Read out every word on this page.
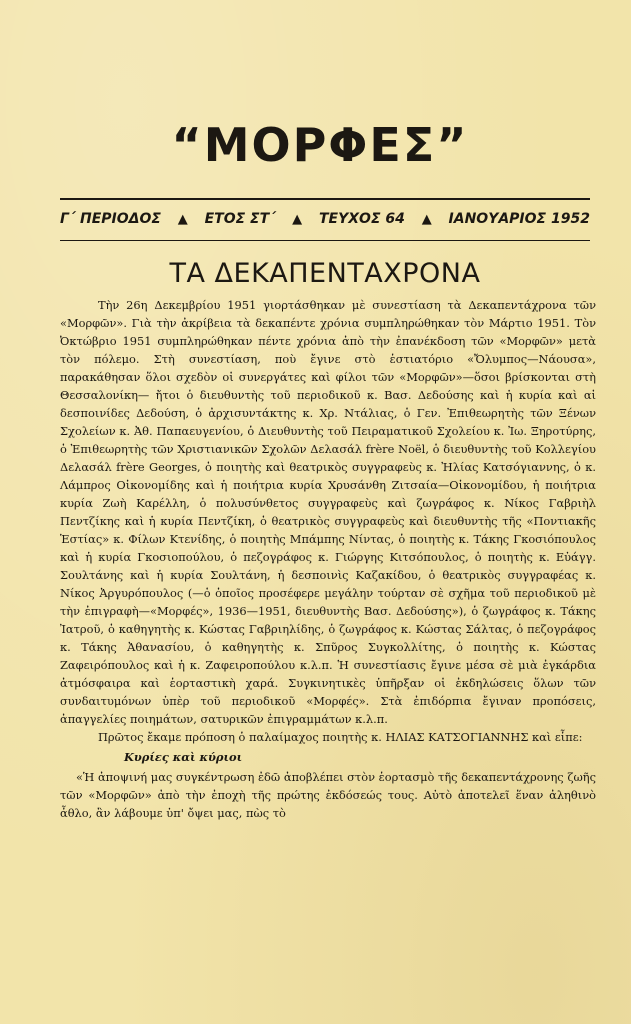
“ΜΟΡΦΕΣ”
Γ΄ ΠΕΡΙΟΔΟΣ ▲ ΕΤΟΣ ΣΤ΄ ▲ ΤΕΥΧΟΣ 64 ▲ ΙΑΝΟΥΑΡΙΟΣ 1952
ΤΑ ΔΕΚΑΠΕΝΤΑΧΡΟΝΑ

Τὴν 26η Δεκεμβρίου 1951 γιορτάσθηκαν μὲ συνεστίαση τὰ Δεκαπεντάχρονα τῶν «Μορφῶν». Γιὰ τὴν ἀκρίβεια τὰ δεκαπέντε χρόνια συμπληρώθηκαν τὸν Μάρτιο 1951. Τὸν Ὀκτώβριο 1951 συμπληρώθηκαν πέντε χρόνια ἀπὸ τὴν ἐπανέκδοση τῶν «Μορφῶν» μετὰ τὸν πόλεμο. Στὴ συνεστίαση, ποὺ ἔγινε στὸ ἑστιατόριο «Ὄλυμπος—Νάουσα», παρακάθησαν ὅλοι σχεδὸν οἱ συνεργάτες καὶ φίλοι τῶν «Μορφῶν»—ὅσοι βρίσκονται στὴ Θεσσαλονίκη— ἤτοι ὁ διευθυντὴς τοῦ περιοδικοῦ κ. Βασ. Δεδούσης καὶ ἡ κυρία καὶ αἱ δεσποινίδες Δεδούση, ὁ ἀρχισυντάκτης κ. Χρ. Ντάλιας, ὁ Γεν. Ἐπιθεωρητὴς τῶν Ξένων Σχολείων κ. Ἀθ. Παπαευγενίου, ὁ Διευθυντὴς τοῦ Πειραματικοῦ Σχολείου κ. Ἰω. Ξηροτύρης, ὁ Ἐπιθεωρητὴς τῶν Χριστιανικῶν Σχολῶν Δελασάλ frère Noël, ὁ διευθυντὴς τοῦ Κολλεγίου Δελασάλ frère Georges, ὁ ποιητὴς καὶ θεατρικὸς συγγραφεὺς κ. Ἠλίας Κατσόγιαννης, ὁ κ. Λάμπρος Οἰκονομίδης καὶ ἡ ποιήτρια κυρία Χρυσάνθη Ζιτσαία—Οἰκονομίδου, ἡ ποιήτρια κυρία Ζωὴ Καρέλλη, ὁ πολυσύνθετος συγγραφεὺς καὶ ζωγράφος κ. Νίκος Γαβριὴλ Πεντζίκης καὶ ἡ κυρία Πεντζίκη, ὁ θεατρικὸς συγγραφεὺς καὶ διευθυντὴς τῆς «Ποντιακῆς Ἑστίας» κ. Φίλων Κτενίδης, ὁ ποιητὴς Μπάμπης Νίντας, ὁ ποιητὴς κ. Τάκης Γκοσιόπουλος καὶ ἡ κυρία Γκοσιοπούλου, ὁ πεζογράφος κ. Γιώργης Κιτσόπουλος, ὁ ποιητὴς κ. Εὐάγγ. Σουλτάνης καὶ ἡ κυρία Σουλτάνη, ἡ δεσποινὶς Καζακίδου, ὁ θεατρικὸς συγγραφέας κ. Νίκος Ἀργυρόπουλος (—ὁ ὁποῖος προσέφερε μεγάλην τούρταν σὲ σχῆμα τοῦ περιοδικοῦ μὲ τὴν ἐπιγραφὴ—«Μορφές», 1936—1951, διευθυντὴς Βασ. Δεδούσης»), ὁ ζωγράφος κ. Τάκης Ἰατροῦ, ὁ καθηγητὴς κ. Κώστας Γαβριηλίδης, ὁ ζωγράφος κ. Κώστας Σάλτας, ὁ πεζογράφος κ. Τάκης Ἀθανασίου, ὁ καθηγητὴς κ. Σπῦρος Συγκολλίτης, ὁ ποιητὴς κ. Κώστας Ζαφειρόπουλος καὶ ἡ κ. Ζαφειροπούλου κ.λ.π. Ἡ συνεστίασις ἔγινε μέσα σὲ μιὰ ἐγκάρδια ἀτμόσφαιρα καὶ ἑορταστικὴ χαρά. Συγκινητικὲς ὑπῆρξαν οἱ ἐκδηλώσεις ὅλων τῶν συνδαιτυμόνων ὑπὲρ τοῦ περιοδικοῦ «Μορφές». Στὰ ἐπιδόρπια ἔγιναν προπόσεις, ἀπαγγελίες ποιημάτων, σατυρικῶν ἐπιγραμμάτων κ.λ.π.

Πρῶτος ἔκαμε πρόποση ὁ παλαίμαχος ποιητὴς κ. ΗΛΙΑΣ ΚΑΤΣΟΓΙΑΝΝΗΣ καὶ εἶπε:

Κυρίες καὶ κύριοι

«Ἡ ἀποψινή μας συγκέντρωση ἐδῶ ἀποβλέπει στὸν ἑορτασμὸ τῆς δεκαπεντάχρονης ζωῆς τῶν «Μορφῶν» ἀπὸ τὴν ἐποχὴ τῆς πρώτης ἐκδόσεώς τους. Αὐτὸ ἀποτελεῖ ἕναν ἀληθινὸ ἆθλο, ἂν λάβουμε ὑπ' ὄψει μας, πὼς τὸ
